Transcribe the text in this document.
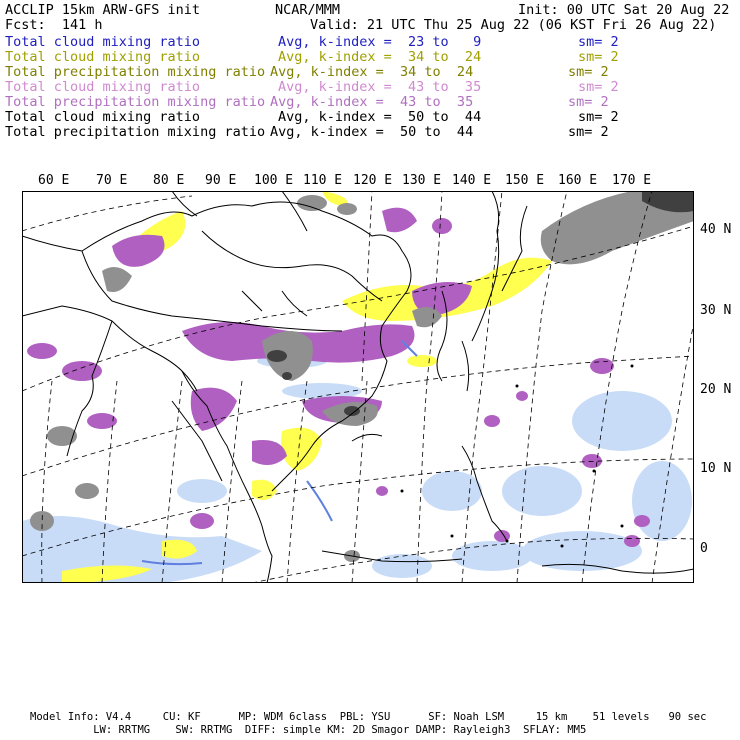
ACCLIP 15km ARW-GFS init	NCAR/MMM	Init: 00 UTC Sat 20 Aug 22
Fcst:  141 h	Valid: 21 UTC Thu 25 Aug 22 (06 KST Fri 26 Aug 22)
Total cloud mixing ratio	Avg, k-index =  23 to   9	sm= 2
Total cloud mixing ratio	Avg, k-index =  34 to  24	sm= 2
Total precipitation mixing ratio Avg, k-index =  34 to  24	sm= 2
Total cloud mixing ratio	Avg, k-index =  43 to  35	sm= 2
Total precipitation mixing ratio Avg, k-index =  43 to  35	sm= 2
Total cloud mixing ratio	Avg, k-index =  50 to  44	sm= 2
Total precipitation mixing ratio Avg, k-index =  50 to  44	sm= 2
60 E 70 E 80 E 90 E 100 E 110 E 120 E 130 E 140 E 150 E 160 E 170 E
40 N
30 N
20 N
10 N
0
Model Info: V4.4     CU: KF      MP: WDM 6class  PBL: YSU      SF: Noah LSM     15 km    51 levels   90 sec
LW: RRTMG    SW: RRTMG  DIFF: simple KM: 2D Smagor DAMP: Rayleigh3  SFLAY: MM5
